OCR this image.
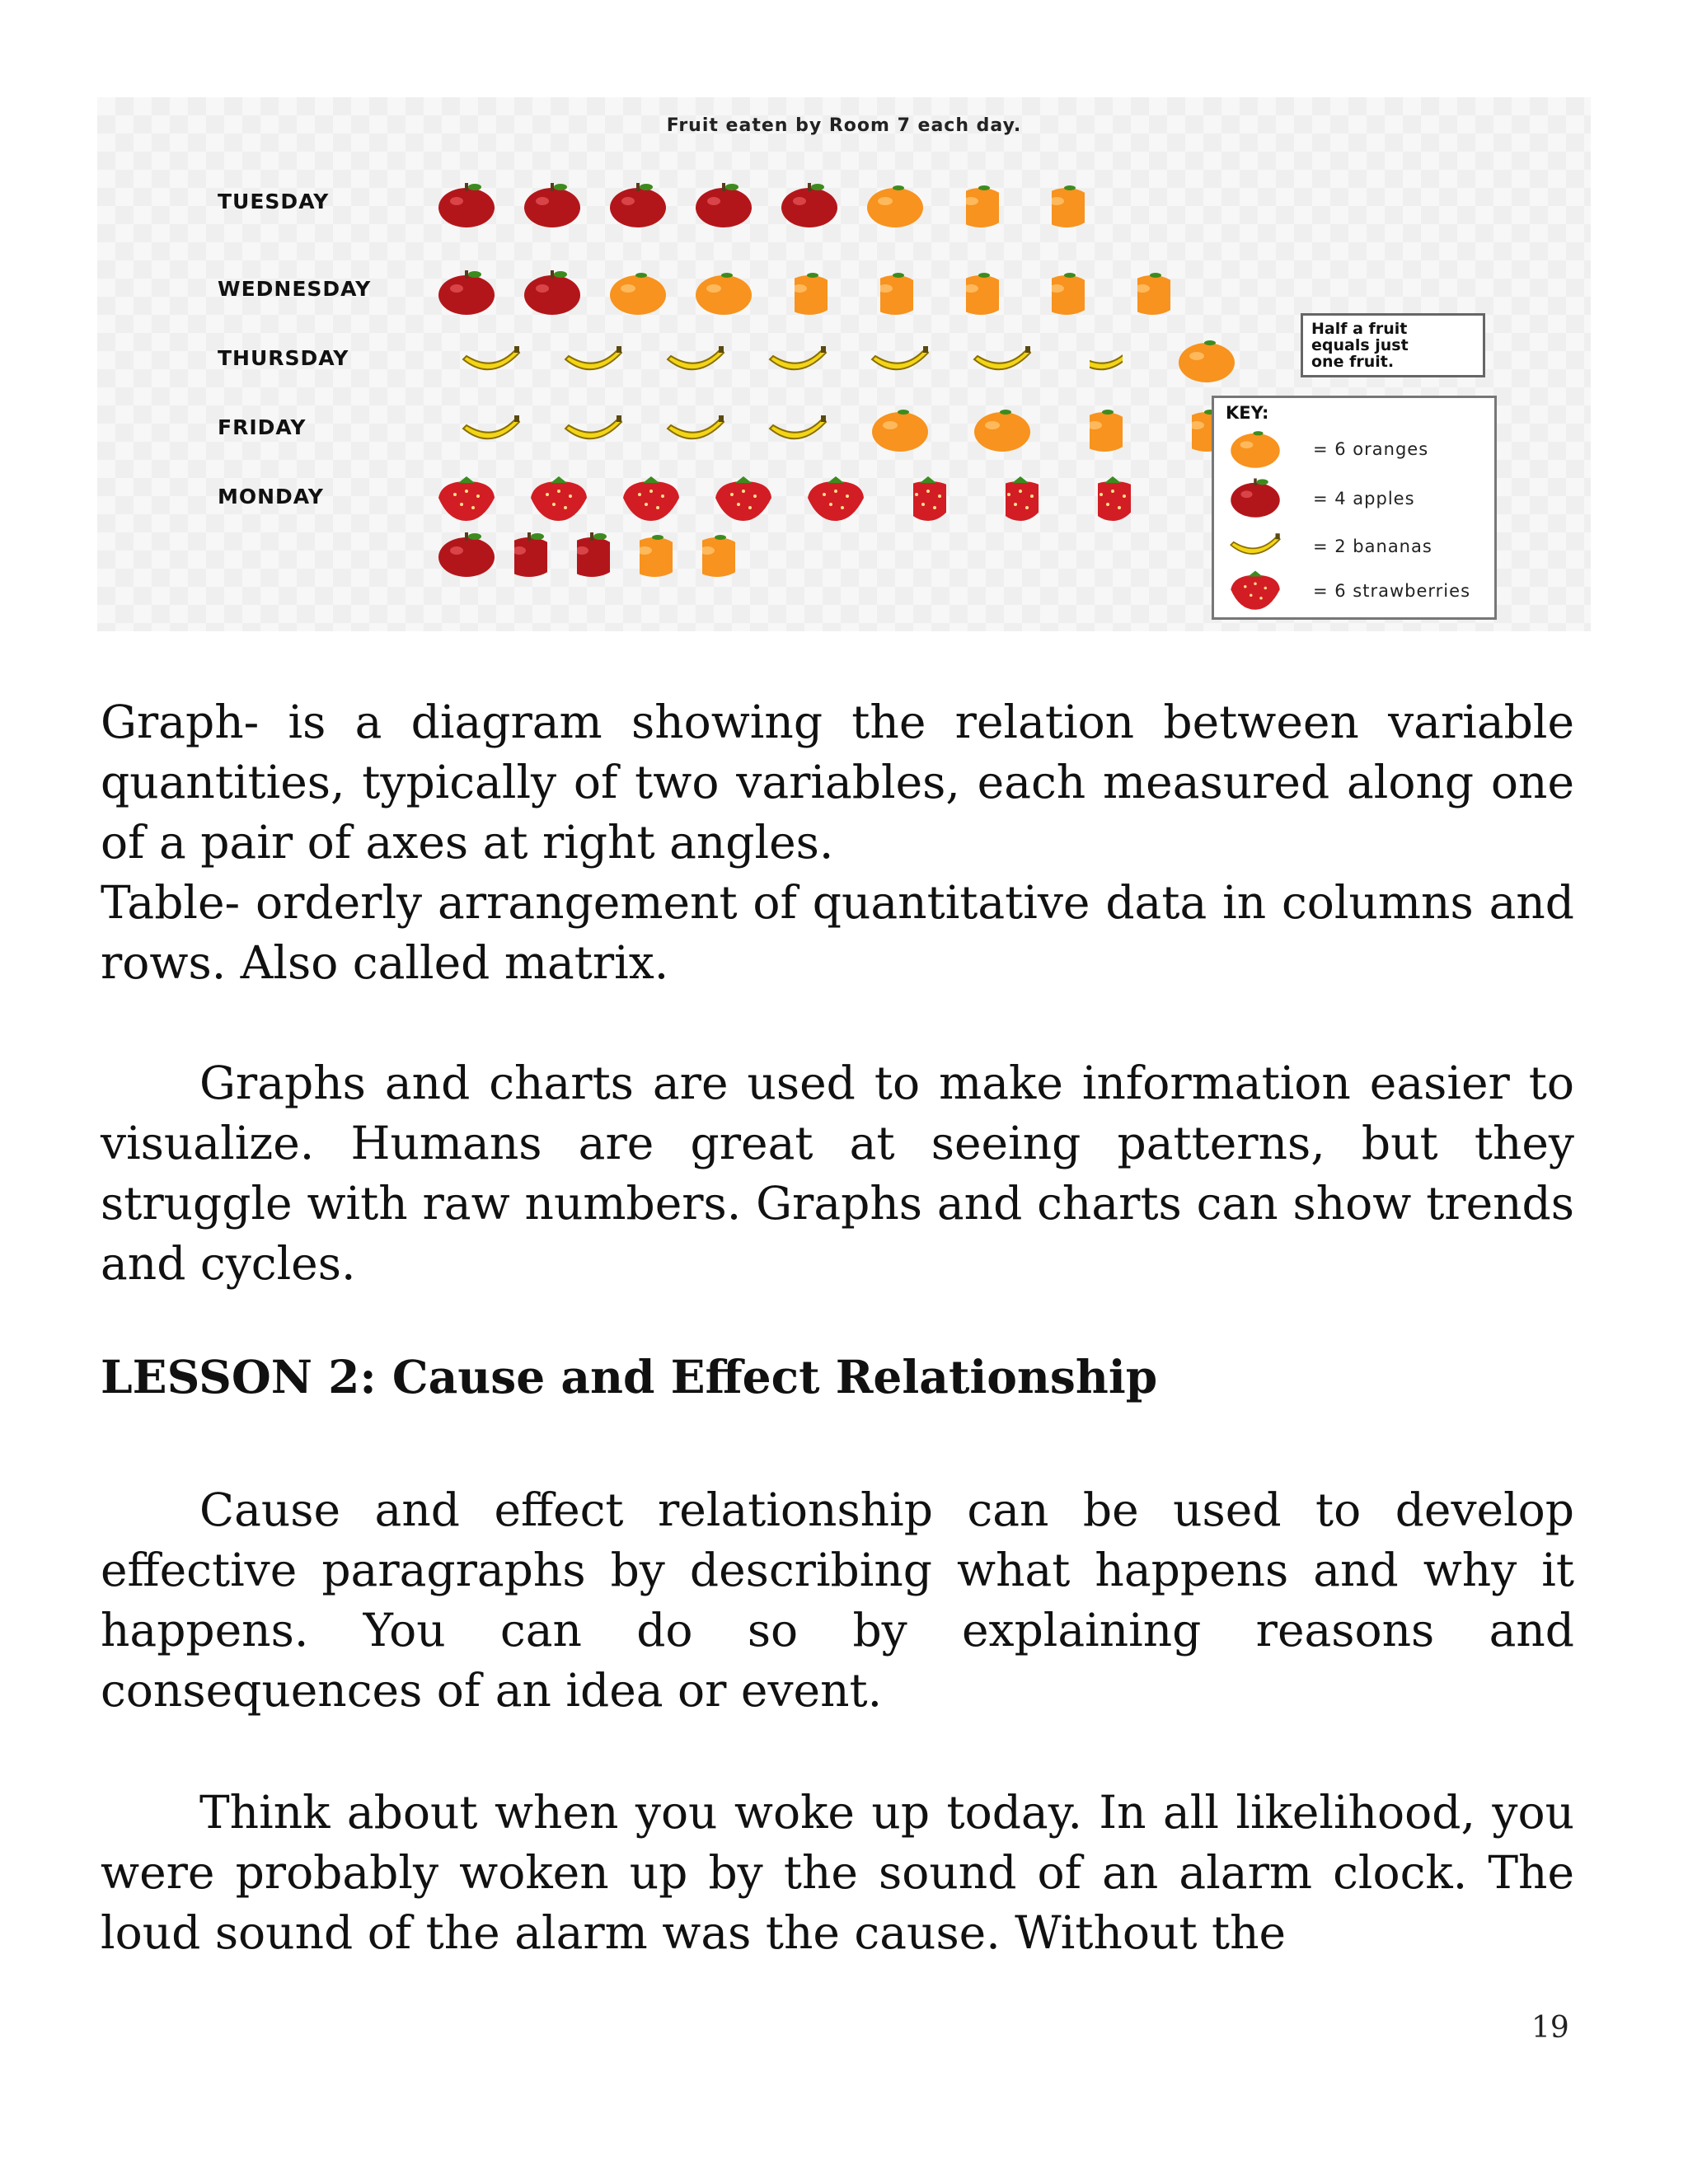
Fruit eaten by Room 7 each day.
TUESDAY
WEDNESDAY
THURSDAY
FRIDAY
MONDAY
Half a fruit
equals just
one fruit.
KEY:
= 6 oranges
= 4 apples
= 2 bananas
= 6 strawberries

Graph- is a diagram showing the relation between variable quantities, typically of two variables, each measured along one of a pair of axes at right angles.

Table- orderly arrangement of quantitative data in columns and rows. Also called matrix.

Graphs and charts are used to make information easier to visualize. Humans are great at seeing patterns, but they struggle with raw numbers. Graphs and charts can show trends and cycles.

LESSON 2: Cause and Effect Relationship

Cause and effect relationship can be used to develop effective paragraphs by describing what happens and why it happens. You can do so by explaining reasons and consequences of an idea or event.

Think about when you woke up today. In all likelihood, you were probably woken up by the sound of an alarm clock. The loud sound of the alarm was the cause. Without the

19
